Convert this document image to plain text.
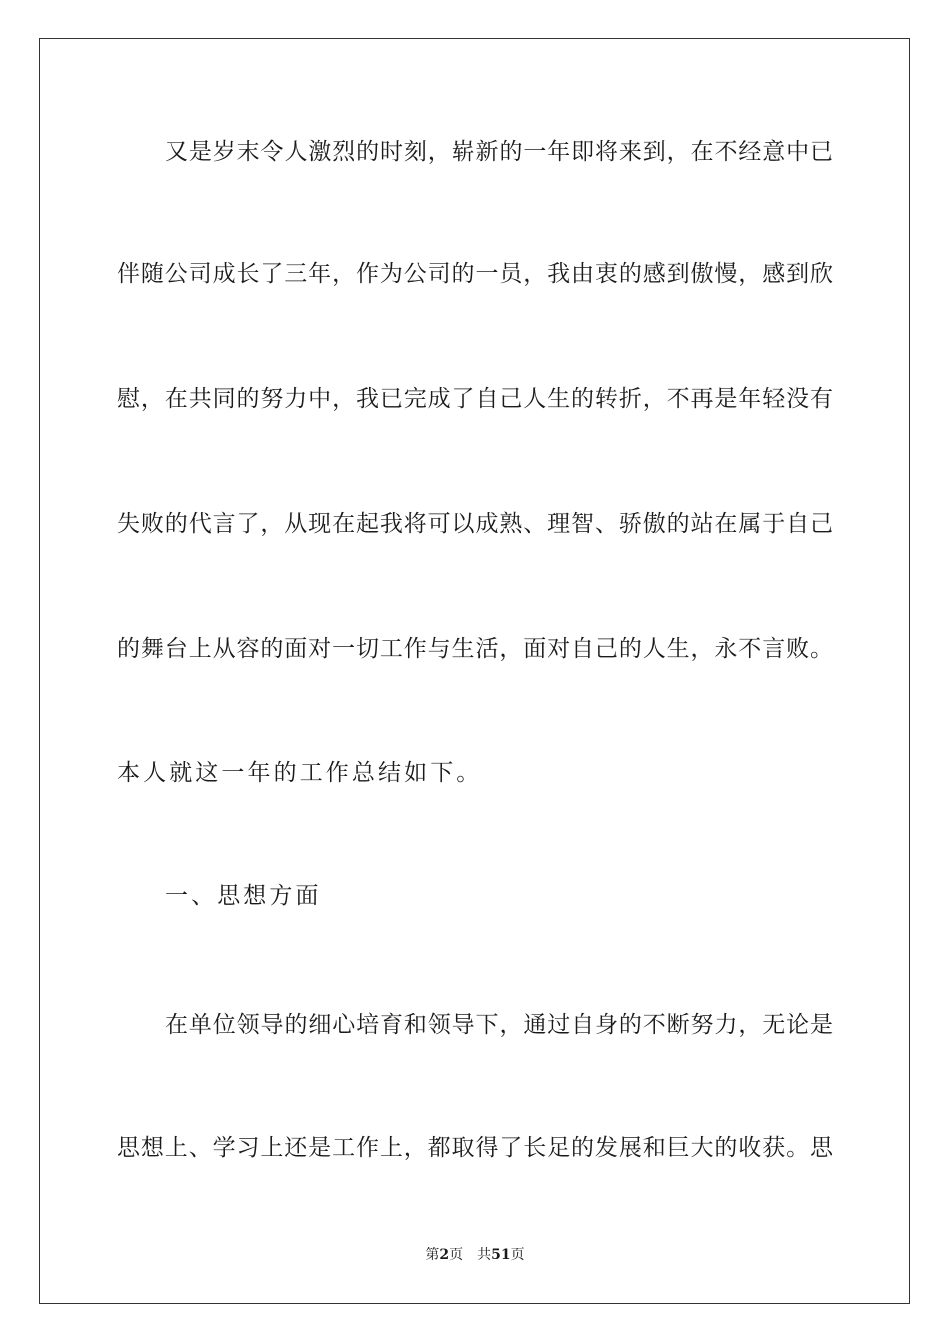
又是岁末令人激烈的时刻，崭新的一年即将来到，在不经意中已
伴随公司成长了三年，作为公司的一员，我由衷的感到傲慢，感到欣
慰，在共同的努力中，我已完成了自己人生的转折，不再是年轻没有
失败的代言了，从现在起我将可以成熟、理智、骄傲的站在属于自己
的舞台上从容的面对一切工作与生活，面对自己的人生，永不言败。
本人就这一年的工作总结如下。
一、思想方面
在单位领导的细心培育和领导下，通过自身的不断努力，无论是
思想上、学习上还是工作上，都取得了长足的发展和巨大的收获。思
第2页 共51页
